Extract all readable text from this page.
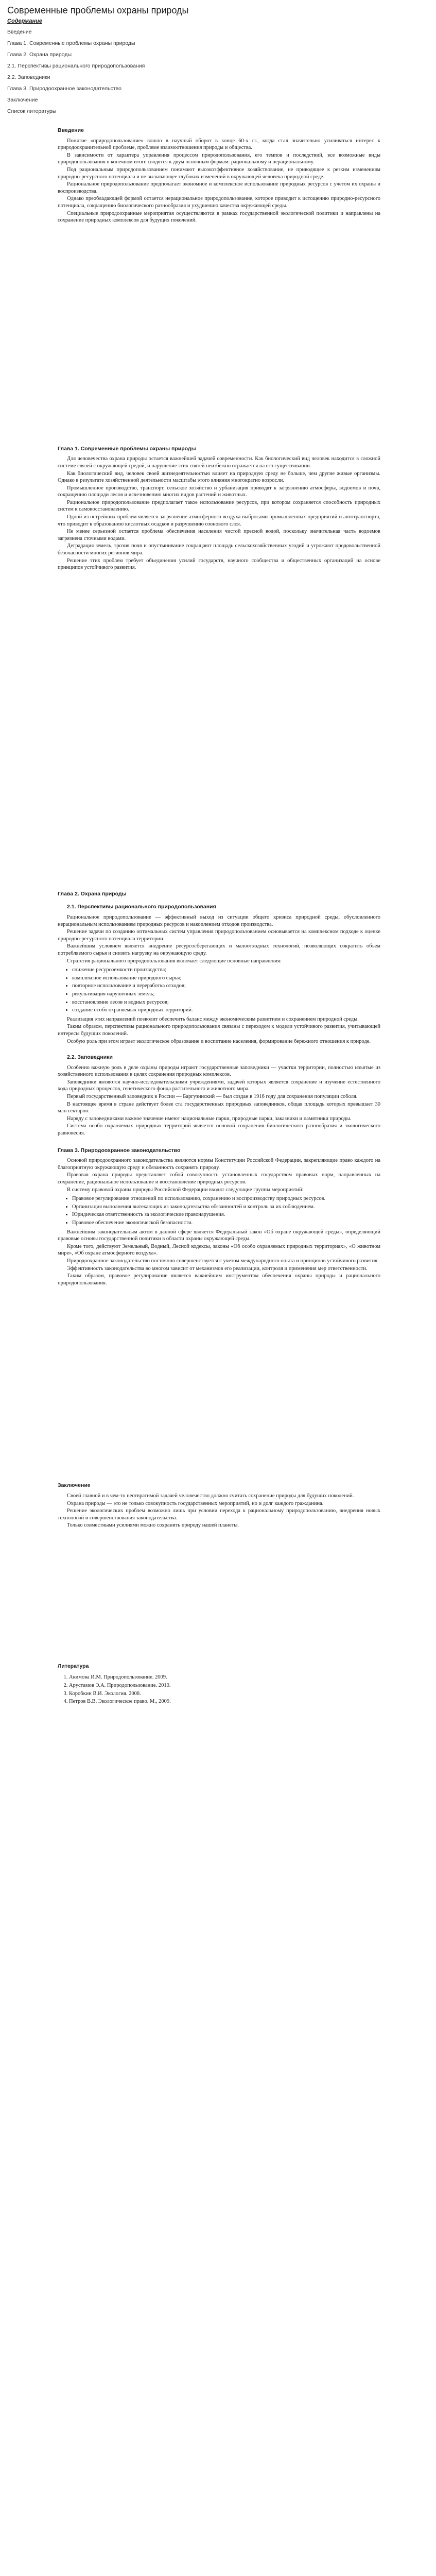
Современные проблемы охраны природы
Содержание
Введение
Глава 1. Современные проблемы охраны природы
Глава 2. Охрана природы
2.1. Перспективы рационального природопользования
2.2. Заповедники
Глава 3. Природоохранное законодательство
Заключение
Список литературы
Введение

Понятие «природопользование» вошло в научный оборот в конце 60-х гг., когда стал значительно усиливаться интерес к природоохранительной проблеме, проблеме взаимоотношения природы и общества.

В зависимости от характера управления процессом природопользования, его темпов и последствий, все возможные виды природопользования в конечном итоге сводятся к двум основным формам: рациональному и нерациональному.

Под рациональным природопользованием понимают высокоэффективное хозяйствование, не приводящее к резким изменениям природно-ресурсного потенциала и не вызывающее глубоких изменений в окружающей человека природной среде.

Рациональное природопользование предполагает экономное и комплексное использование природных ресурсов с учетом их охраны и воспроизводства.

Однако преобладающей формой остается нерациональное природопользование, которое приводит к истощению природно-ресурсного потенциала, сокращению биологического разнообразия и ухудшению качества окружающей среды.

Специальные природоохранные мероприятия осуществляются в рамках государственной экологической политики и направлены на сохранение природных комплексов для будущих поколений.

Глава 1. Современные проблемы охраны природы

Для человечества охрана природы остается важнейшей задачей современности. Как биологический вид человек находится в сложной системе связей с окружающей средой, и нарушение этих связей неизбежно отражается на его существовании.

Как биологический вид, человек своей жизнедеятельностью влияет на природную среду не больше, чем другие живые организмы. Однако в результате хозяйственной деятельности масштабы этого влияния многократно возросли.

Промышленное производство, транспорт, сельское хозяйство и урбанизация приводят к загрязнению атмосферы, водоемов и почв, сокращению площади лесов и исчезновению многих видов растений и животных.

Рациональное природопользование предполагает такое использование ресурсов, при котором сохраняется способность природных систем к самовосстановлению.

Одной из острейших проблем является загрязнение атмосферного воздуха выбросами промышленных предприятий и автотранспорта, что приводит к образованию кислотных осадков и разрушению озонового слоя.

Не менее серьезной остается проблема обеспечения населения чистой пресной водой, поскольку значительная часть водоемов загрязнена сточными водами.

Деградация земель, эрозия почв и опустынивание сокращают площадь сельскохозяйственных угодий и угрожают продовольственной безопасности многих регионов мира.

Решение этих проблем требует объединения усилий государств, научного сообщества и общественных организаций на основе принципов устойчивого развития.

Глава 2. Охрана природы
2.1. Перспективы рационального природопользования

Рациональное природопользование — эффективный выход из ситуации общего кризиса природной среды, обусловленного нерациональным использованием природных ресурсов и накоплением отходов производства.

Решение задачи по созданию оптимальных систем управления природопользованием основывается на комплексном подходе к оценке природно-ресурсного потенциала территории.

Важнейшим условием является внедрение ресурсосберегающих и малоотходных технологий, позволяющих сократить объем потребляемого сырья и снизить нагрузку на окружающую среду.

Стратегия рационального природопользования включает следующие основные направления:

• снижение ресурсоемкости производства;
• комплексное использование природного сырья;
• повторное использование и переработка отходов;
• рекультивация нарушенных земель;
• восстановление лесов и водных ресурсов;
• создание особо охраняемых природных территорий.

Реализация этих направлений позволит обеспечить баланс между экономическим развитием и сохранением природной среды.

Таким образом, перспективы рационального природопользования связаны с переходом к модели устойчивого развития, учитывающей интересы будущих поколений.

Особую роль при этом играет экологическое образование и воспитание населения, формирование бережного отношения к природе.

2.2. Заповедники

Особенно важную роль в деле охраны природы играют государственные заповедники — участки территории, полностью изъятые из хозяйственного использования в целях сохранения природных комплексов.

Заповедники являются научно-исследовательскими учреждениями, задачей которых является сохранение и изучение естественного хода природных процессов, генетического фонда растительного и животного мира.

Первый государственный заповедник в России — Баргузинский — был создан в 1916 году для сохранения популяции соболя.

В настоящее время в стране действует более ста государственных природных заповедников, общая площадь которых превышает 30 млн гектаров.

Наряду с заповедниками важное значение имеют национальные парки, природные парки, заказники и памятники природы.

Система особо охраняемых природных территорий является основой сохранения биологического разнообразия и экологического равновесия.

Глава 3. Природоохранное законодательство

Основой природоохранного законодательства являются нормы Конституции Российской Федерации, закрепляющие право каждого на благоприятную окружающую среду и обязанность сохранять природу.

Правовая охрана природы представляет собой совокупность установленных государством правовых норм, направленных на сохранение, рациональное использование и восстановление природных ресурсов.

В систему правовой охраны природы Российской Федерации входят следующие группы мероприятий:

• Правовое регулирование отношений по использованию, сохранению и воспроизводству природных ресурсов.
• Организация выполнения вытекающих из законодательства обязанностей и контроль за их соблюдением.
• Юридическая ответственность за экологические правонарушения.
• Правовое обеспечение экологической безопасности.

Важнейшим законодательным актом в данной сфере является Федеральный закон «Об охране окружающей среды», определяющий правовые основы государственной политики в области охраны окружающей среды.

Кроме того, действуют Земельный, Водный, Лесной кодексы, законы «Об особо охраняемых природных территориях», «О животном мире», «Об охране атмосферного воздуха».

Природоохранное законодательство постоянно совершенствуется с учетом международного опыта и принципов устойчивого развития.

Эффективность законодательства во многом зависит от механизмов его реализации, контроля и применения мер ответственности.

Таким образом, правовое регулирование является важнейшим инструментом обеспечения охраны природы и рационального природопользования.

Заключение

Своей главной и в чем-то неотвратимой задачей человечество должно считать сохранение природы для будущих поколений.

Охрана природы — это не только совокупность государственных мероприятий, но и долг каждого гражданина.

Решение экологических проблем возможно лишь при условии перехода к рациональному природопользованию, внедрения новых технологий и совершенствования законодательства.

Только совместными усилиями можно сохранить природу нашей планеты.

Литература
1. Акимова И.М. Природопользование. 2009.
2. Арустамов Э.А. Природопользование. 2010.
3. Коробкин В.И. Экология. 2008.
4. Петров В.В. Экологическое право. М., 2009.
